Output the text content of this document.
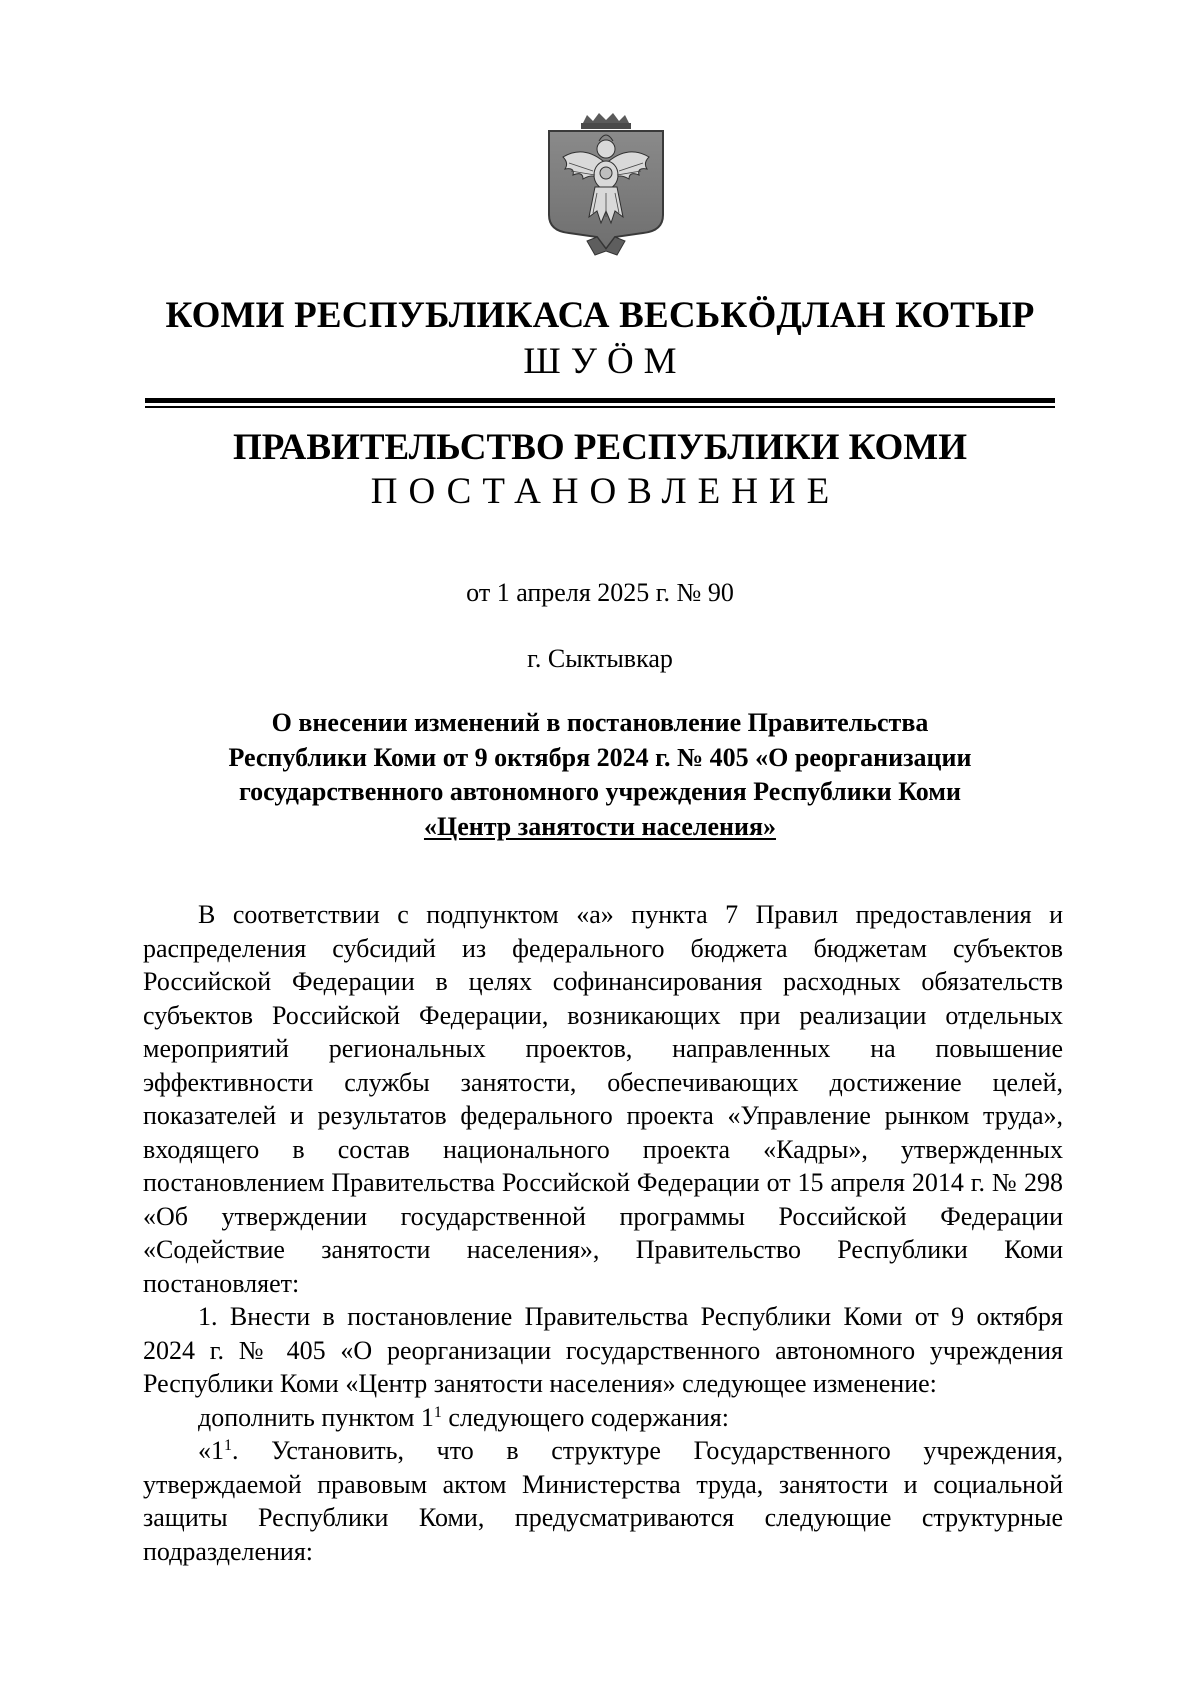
КОМИ РЕСПУБЛИКАСА ВЕСЬКӦДЛАН КОТЫР
ШУӦМ
ПРАВИТЕЛЬСТВО РЕСПУБЛИКИ КОМИ
ПОСТАНОВЛЕНИЕ
от 1 апреля 2025 г. № 90
г. Сыктывкар
О внесении изменений в постановление Правительства
Республики Коми от 9 октября 2024 г. № 405 «О реорганизации
государственного автономного учреждения Республики Коми
«Центр занятости населения»

В соответствии с подпунктом «а» пункта 7 Правил предоставления и распределения субсидий из федерального бюджета бюджетам субъектов Российской Федерации в целях софинансирования расходных обязательств субъектов Российской Федерации, возникающих при реализации отдельных мероприятий региональных проектов, направленных на повышение эффективности службы занятости, обеспечивающих достижение целей, показателей и результатов федерального проекта «Управление рынком труда», входящего в состав национального проекта «Кадры», утвержденных постановлением Правительства Российской Федерации от 15 апреля 2014 г. № 298 «Об утверждении государственной программы Российской Федерации «Содействие занятости населения», Правительство Республики Коми постановляет:

1. Внести в постановление Правительства Республики Коми от 9 октября 2024 г. № 405 «О реорганизации государственного автономного учреждения Республики Коми «Центр занятости населения» следующее изменение:

дополнить пунктом $1^1$ следующего содержания:

«$1^1$. Установить, что в структуре Государственного учреждения, утверждаемой правовым актом Министерства труда, занятости и социальной защиты Республики Коми, предусматриваются следующие структурные подразделения:
